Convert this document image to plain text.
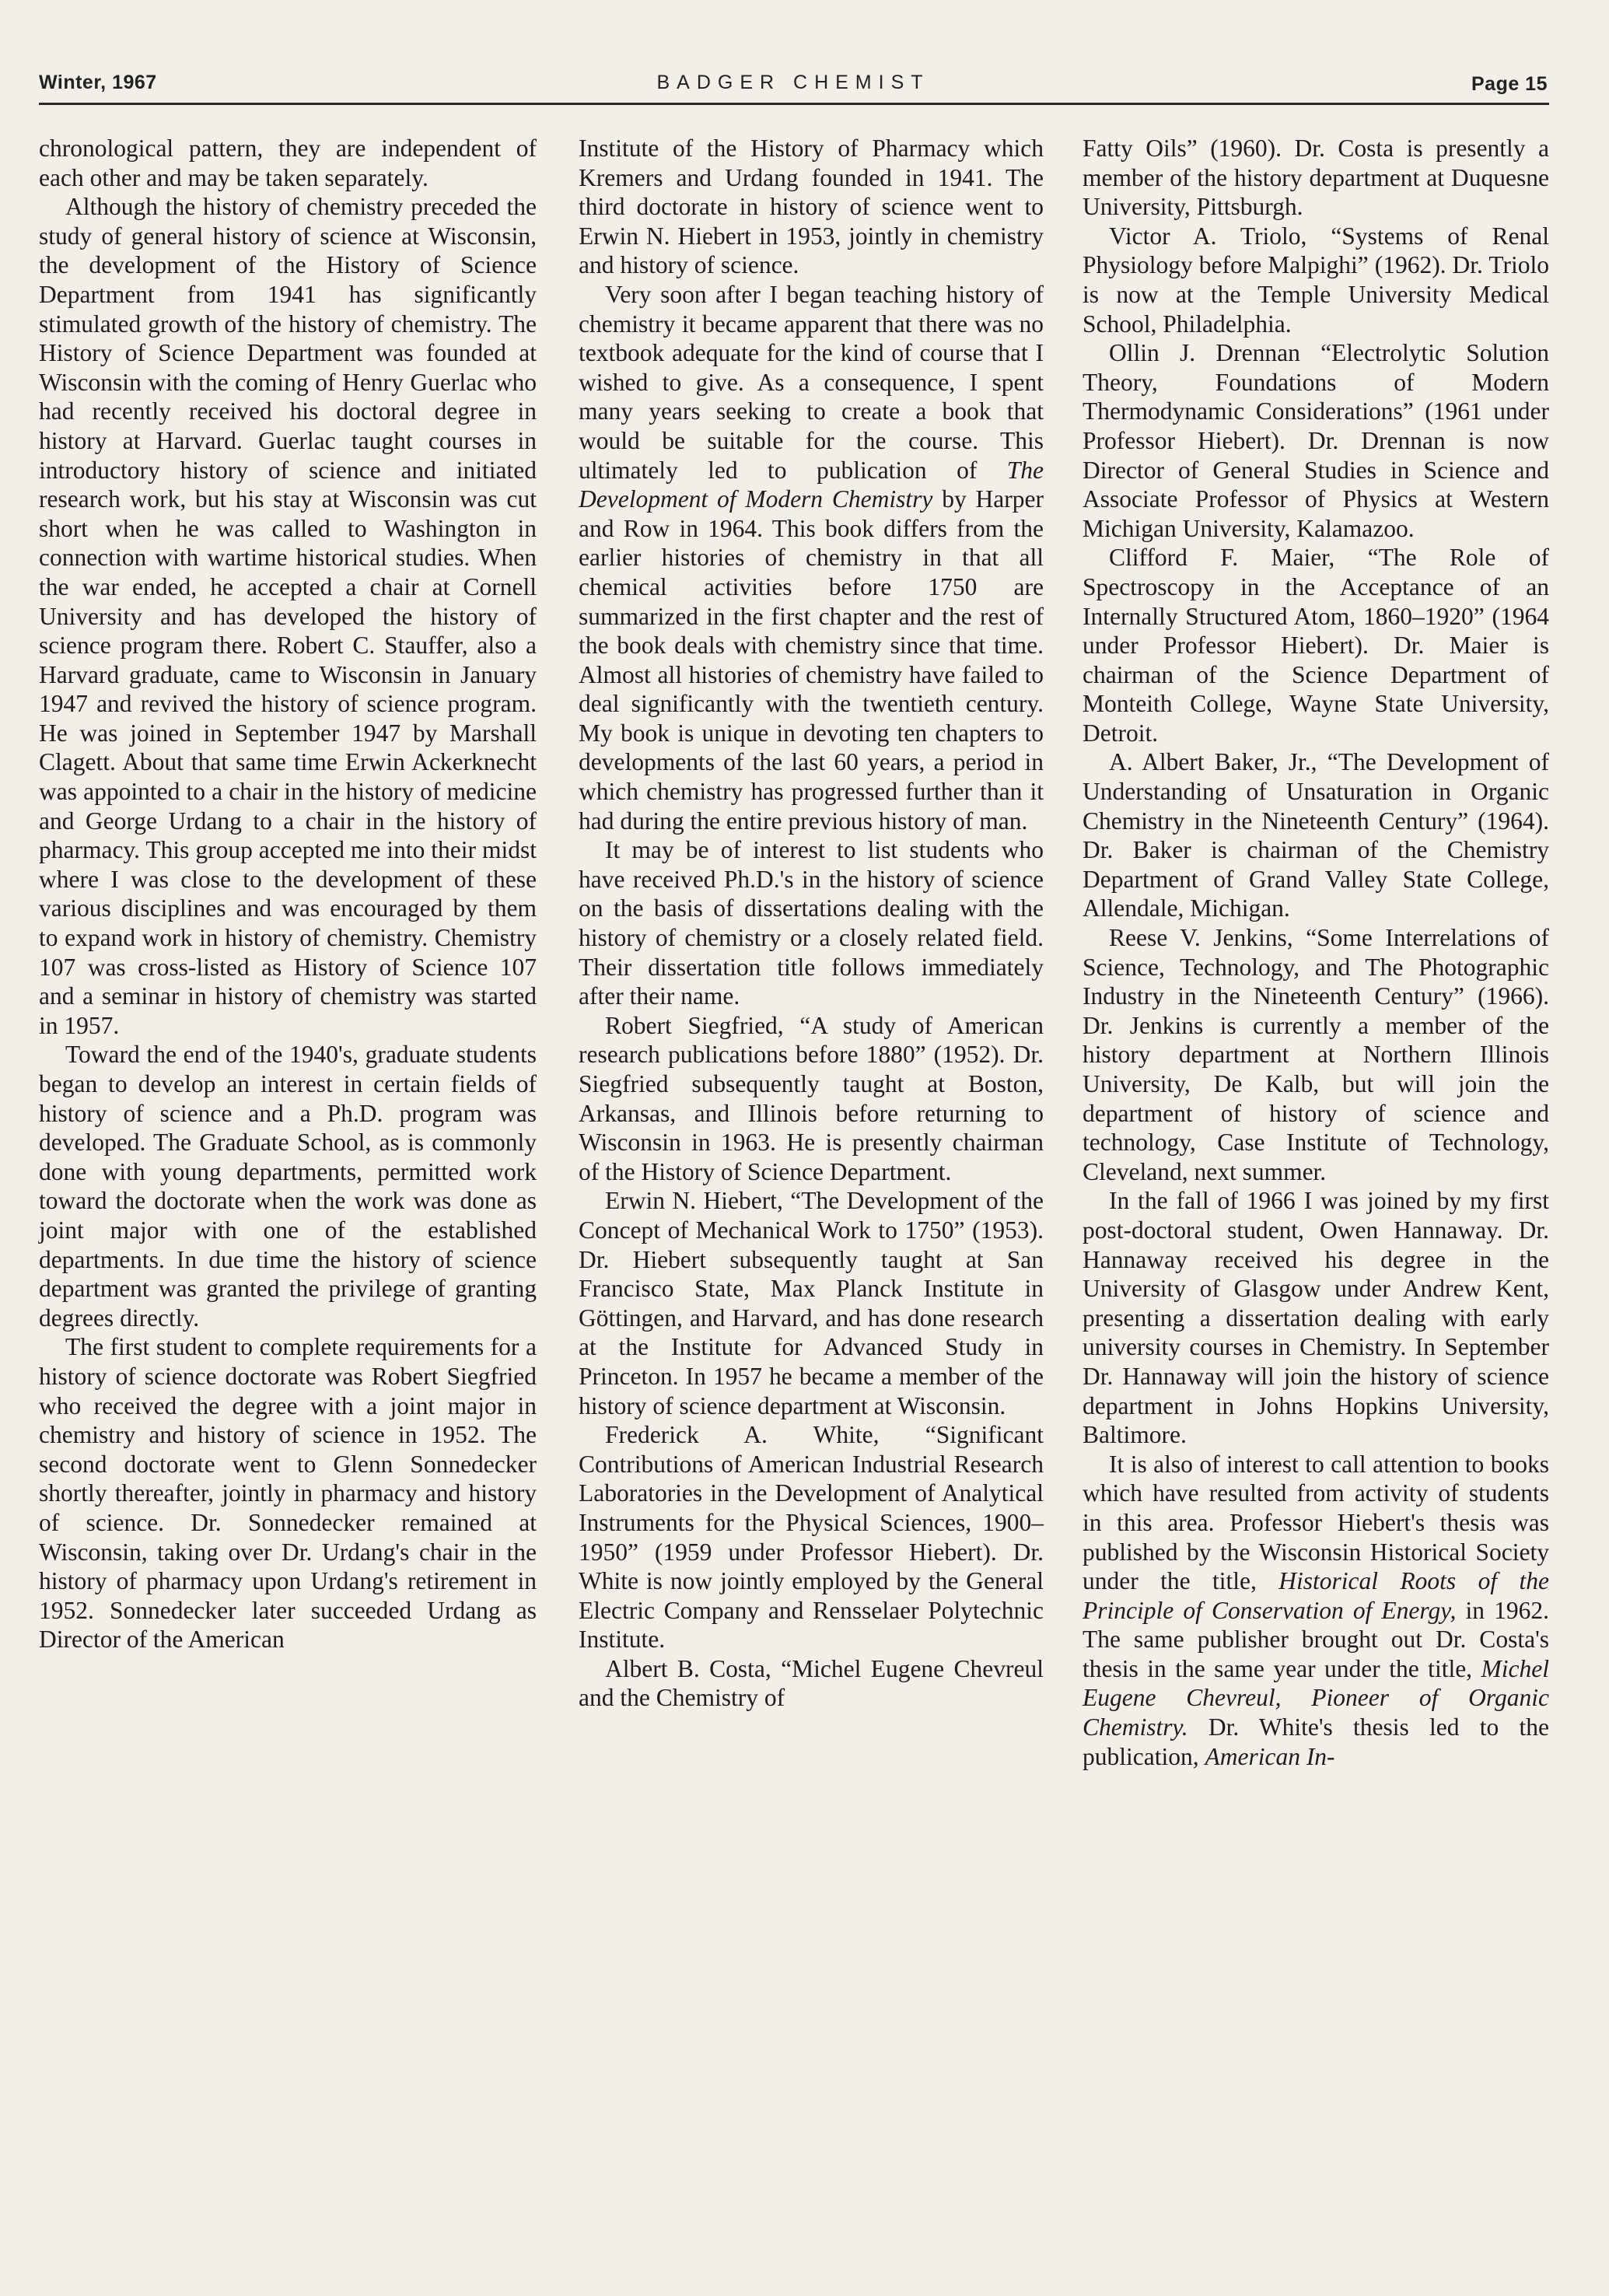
Winter, 1967	BADGER CHEMIST	Page 15

chronological pattern, they are independent of each other and may be taken separately.

Although the history of chemistry preceded the study of general history of science at Wisconsin, the development of the History of Science Department from 1941 has significantly stimulated growth of the history of chemistry. The History of Science Department was founded at Wisconsin with the coming of Henry Guerlac who had recently received his doctoral degree in history at Harvard. Guerlac taught courses in introductory history of science and initiated research work, but his stay at Wisconsin was cut short when he was called to Washington in connection with wartime historical studies. When the war ended, he accepted a chair at Cornell University and has developed the history of science program there. Robert C. Stauffer, also a Harvard graduate, came to Wisconsin in January 1947 and revived the history of science program. He was joined in September 1947 by Marshall Clagett. About that same time Erwin Ackerknecht was appointed to a chair in the history of medicine and George Urdang to a chair in the history of pharmacy. This group accepted me into their midst where I was close to the development of these various disciplines and was encouraged by them to expand work in history of chemistry. Chemistry 107 was cross-listed as History of Science 107 and a seminar in history of chemistry was started in 1957.

Toward the end of the 1940's, graduate students began to develop an interest in certain fields of history of science and a Ph.D. program was developed. The Graduate School, as is commonly done with young departments, permitted work toward the doctorate when the work was done as joint major with one of the established departments. In due time the history of science department was granted the privilege of granting degrees directly.

The first student to complete requirements for a history of science doctorate was Robert Siegfried who received the degree with a joint major in chemistry and history of science in 1952. The second doctorate went to Glenn Sonnedecker shortly thereafter, jointly in pharmacy and history of science. Dr. Sonnedecker remained at Wisconsin, taking over Dr. Urdang's chair in the history of pharmacy upon Urdang's retirement in 1952. Sonnedecker later succeeded Urdang as Director of the American

Institute of the History of Pharmacy which Kremers and Urdang founded in 1941. The third doctorate in history of science went to Erwin N. Hiebert in 1953, jointly in chemistry and history of science.

Very soon after I began teaching history of chemistry it became apparent that there was no textbook adequate for the kind of course that I wished to give. As a consequence, I spent many years seeking to create a book that would be suitable for the course. This ultimately led to publication of The Development of Modern Chemistry by Harper and Row in 1964. This book differs from the earlier histories of chemistry in that all chemical activities before 1750 are summarized in the first chapter and the rest of the book deals with chemistry since that time. Almost all histories of chemistry have failed to deal significantly with the twentieth century. My book is unique in devoting ten chapters to developments of the last 60 years, a period in which chemistry has progressed further than it had during the entire previous history of man.

It may be of interest to list students who have received Ph.D.'s in the history of science on the basis of dissertations dealing with the history of chemistry or a closely related field. Their dissertation title follows immediately after their name.

Robert Siegfried, “A study of American research publications before 1880” (1952). Dr. Siegfried subsequently taught at Boston, Arkansas, and Illinois before returning to Wisconsin in 1963. He is presently chairman of the History of Science Department.

Erwin N. Hiebert, “The Development of the Concept of Mechanical Work to 1750” (1953). Dr. Hiebert subsequently taught at San Francisco State, Max Planck Institute in Göttingen, and Harvard, and has done research at the Institute for Advanced Study in Princeton. In 1957 he became a member of the history of science department at Wisconsin.

Frederick A. White, “Significant Contributions of American Industrial Research Laboratories in the Development of Analytical Instruments for the Physical Sciences, 1900–1950” (1959 under Professor Hiebert). Dr. White is now jointly employed by the General Electric Company and Rensselaer Polytechnic Institute.

Albert B. Costa, “Michel Eugene Chevreul and the Chemistry of

Fatty Oils” (1960). Dr. Costa is presently a member of the history department at Duquesne University, Pittsburgh.

Victor A. Triolo, “Systems of Renal Physiology before Malpighi” (1962). Dr. Triolo is now at the Temple University Medical School, Philadelphia.

Ollin J. Drennan “Electrolytic Solution Theory, Foundations of Modern Thermodynamic Considerations” (1961 under Professor Hiebert). Dr. Drennan is now Director of General Studies in Science and Associate Professor of Physics at Western Michigan University, Kalamazoo.

Clifford F. Maier, “The Role of Spectroscopy in the Acceptance of an Internally Structured Atom, 1860–1920” (1964 under Professor Hiebert). Dr. Maier is chairman of the Science Department of Monteith College, Wayne State University, Detroit.

A. Albert Baker, Jr., “The Development of Understanding of Unsaturation in Organic Chemistry in the Nineteenth Century” (1964). Dr. Baker is chairman of the Chemistry Department of Grand Valley State College, Allendale, Michigan.

Reese V. Jenkins, “Some Interrelations of Science, Technology, and The Photographic Industry in the Nineteenth Century” (1966). Dr. Jenkins is currently a member of the history department at Northern Illinois University, De Kalb, but will join the department of history of science and technology, Case Institute of Technology, Cleveland, next summer.

In the fall of 1966 I was joined by my first post-doctoral student, Owen Hannaway. Dr. Hannaway received his degree in the University of Glasgow under Andrew Kent, presenting a dissertation dealing with early university courses in Chemistry. In September Dr. Hannaway will join the history of science department in Johns Hopkins University, Baltimore.

It is also of interest to call attention to books which have resulted from activity of students in this area. Professor Hiebert's thesis was published by the Wisconsin Historical Society under the title, Historical Roots of the Principle of Conservation of Energy, in 1962. The same publisher brought out Dr. Costa's thesis in the same year under the title, Michel Eugene Chevreul, Pioneer of Organic Chemistry. Dr. White's thesis led to the publication, American In-
